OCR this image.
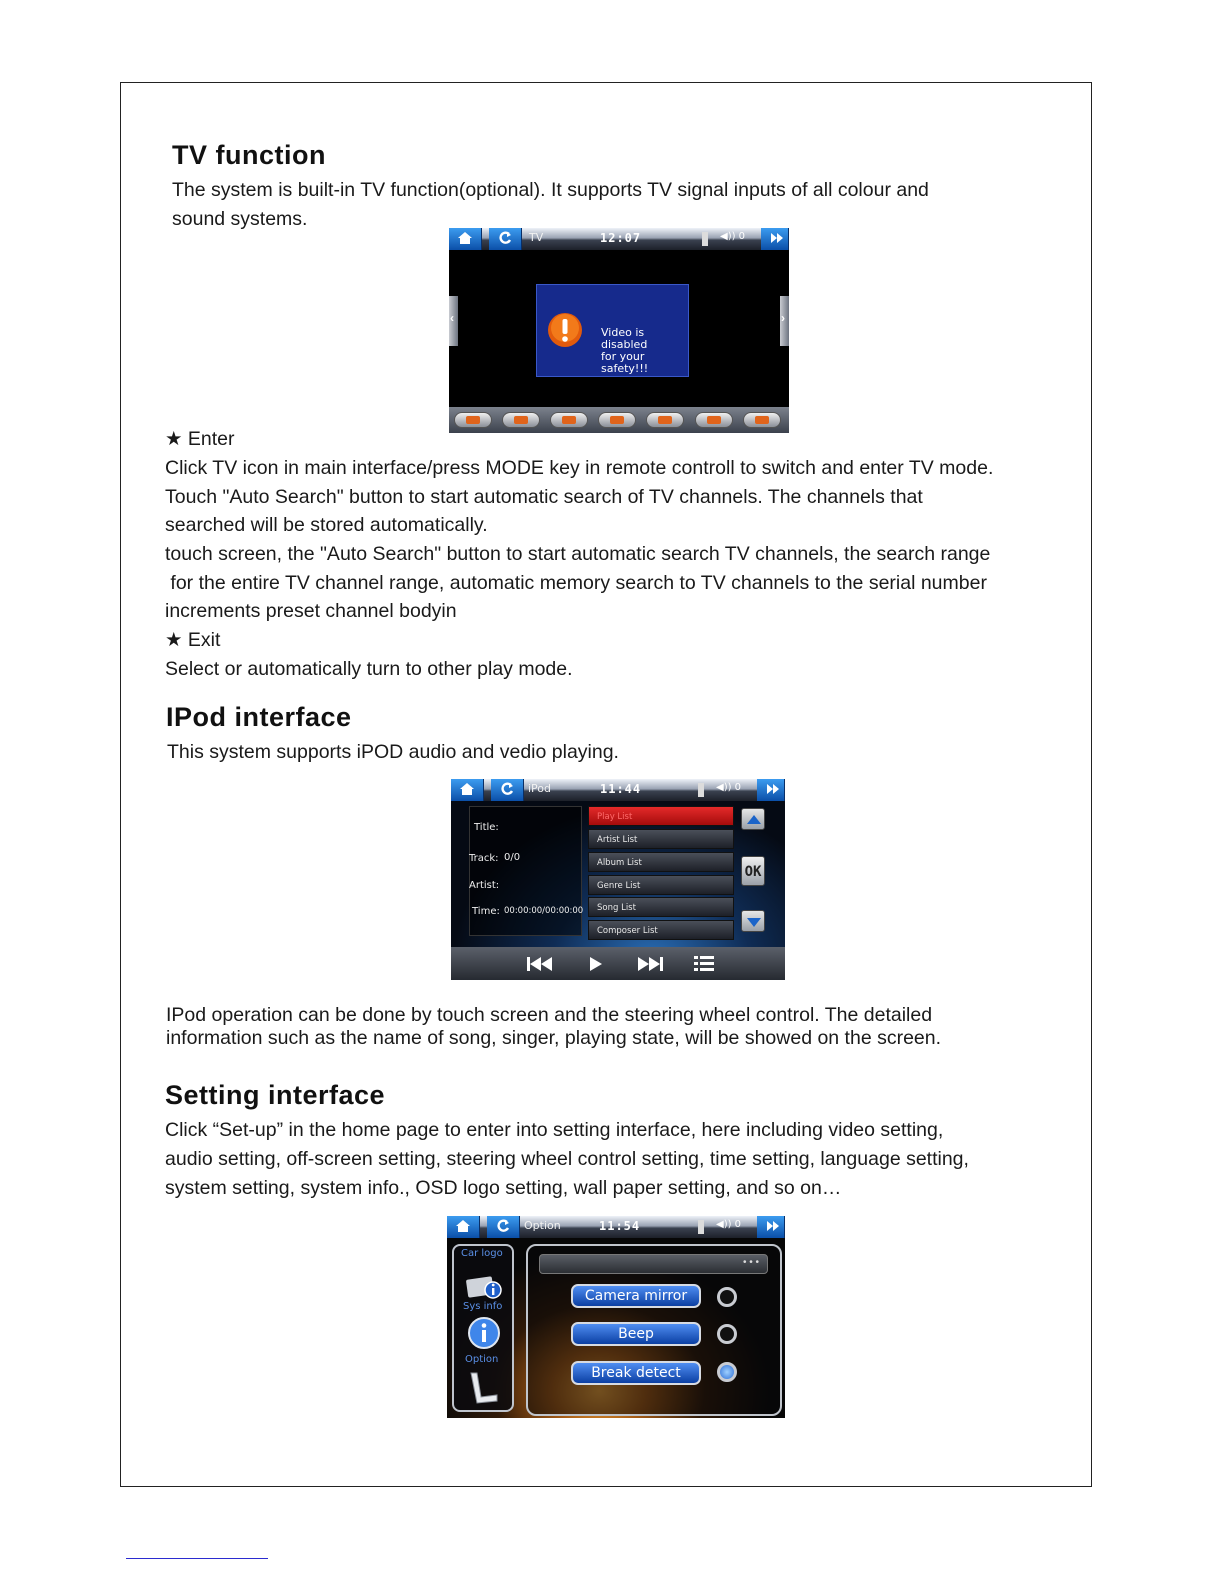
TV function

The system is built-in TV function(optional). It supports TV signal inputs of all colour and

sound systems.

TV	12:07	◀)) 0
‹	›
Video is disabled
for your safety!!!

★ Enter

Click TV icon in main interface/press MODE key in remote controll to switch and enter TV mode.

Touch "Auto Search" button to start automatic search of TV channels. The channels that

searched will be stored automatically.

touch screen, the "Auto Search" button to start automatic search TV channels, the search range

for the entire TV channel range, automatic memory search to TV channels to the serial number

increments preset channel bodyin

★ Exit

Select or automatically turn to other play mode.

IPod interface

This system supports iPOD audio and vedio playing.

iPod	11:44	◀)) 0
Title:
Track: 0/0
Artist:
Time: 00:00:00/00:00:00
Play List
Artist List
Album List
Genre List
Song List
Composer List
OK

IPod operation can be done by touch screen and the steering wheel control. The detailed

information such as the name of song, singer, playing state, will be showed on the screen.

Setting interface

Click “Set-up” in the home page to enter into setting interface, here including video setting,

audio setting, off-screen setting, steering wheel control setting, time setting, language setting,

system setting, system info., OSD logo setting, wall paper setting, and so on…

Option	11:54	◀)) 0
Car logo
Sys info
Option
• • •
Camera mirror
Beep
Break detect
